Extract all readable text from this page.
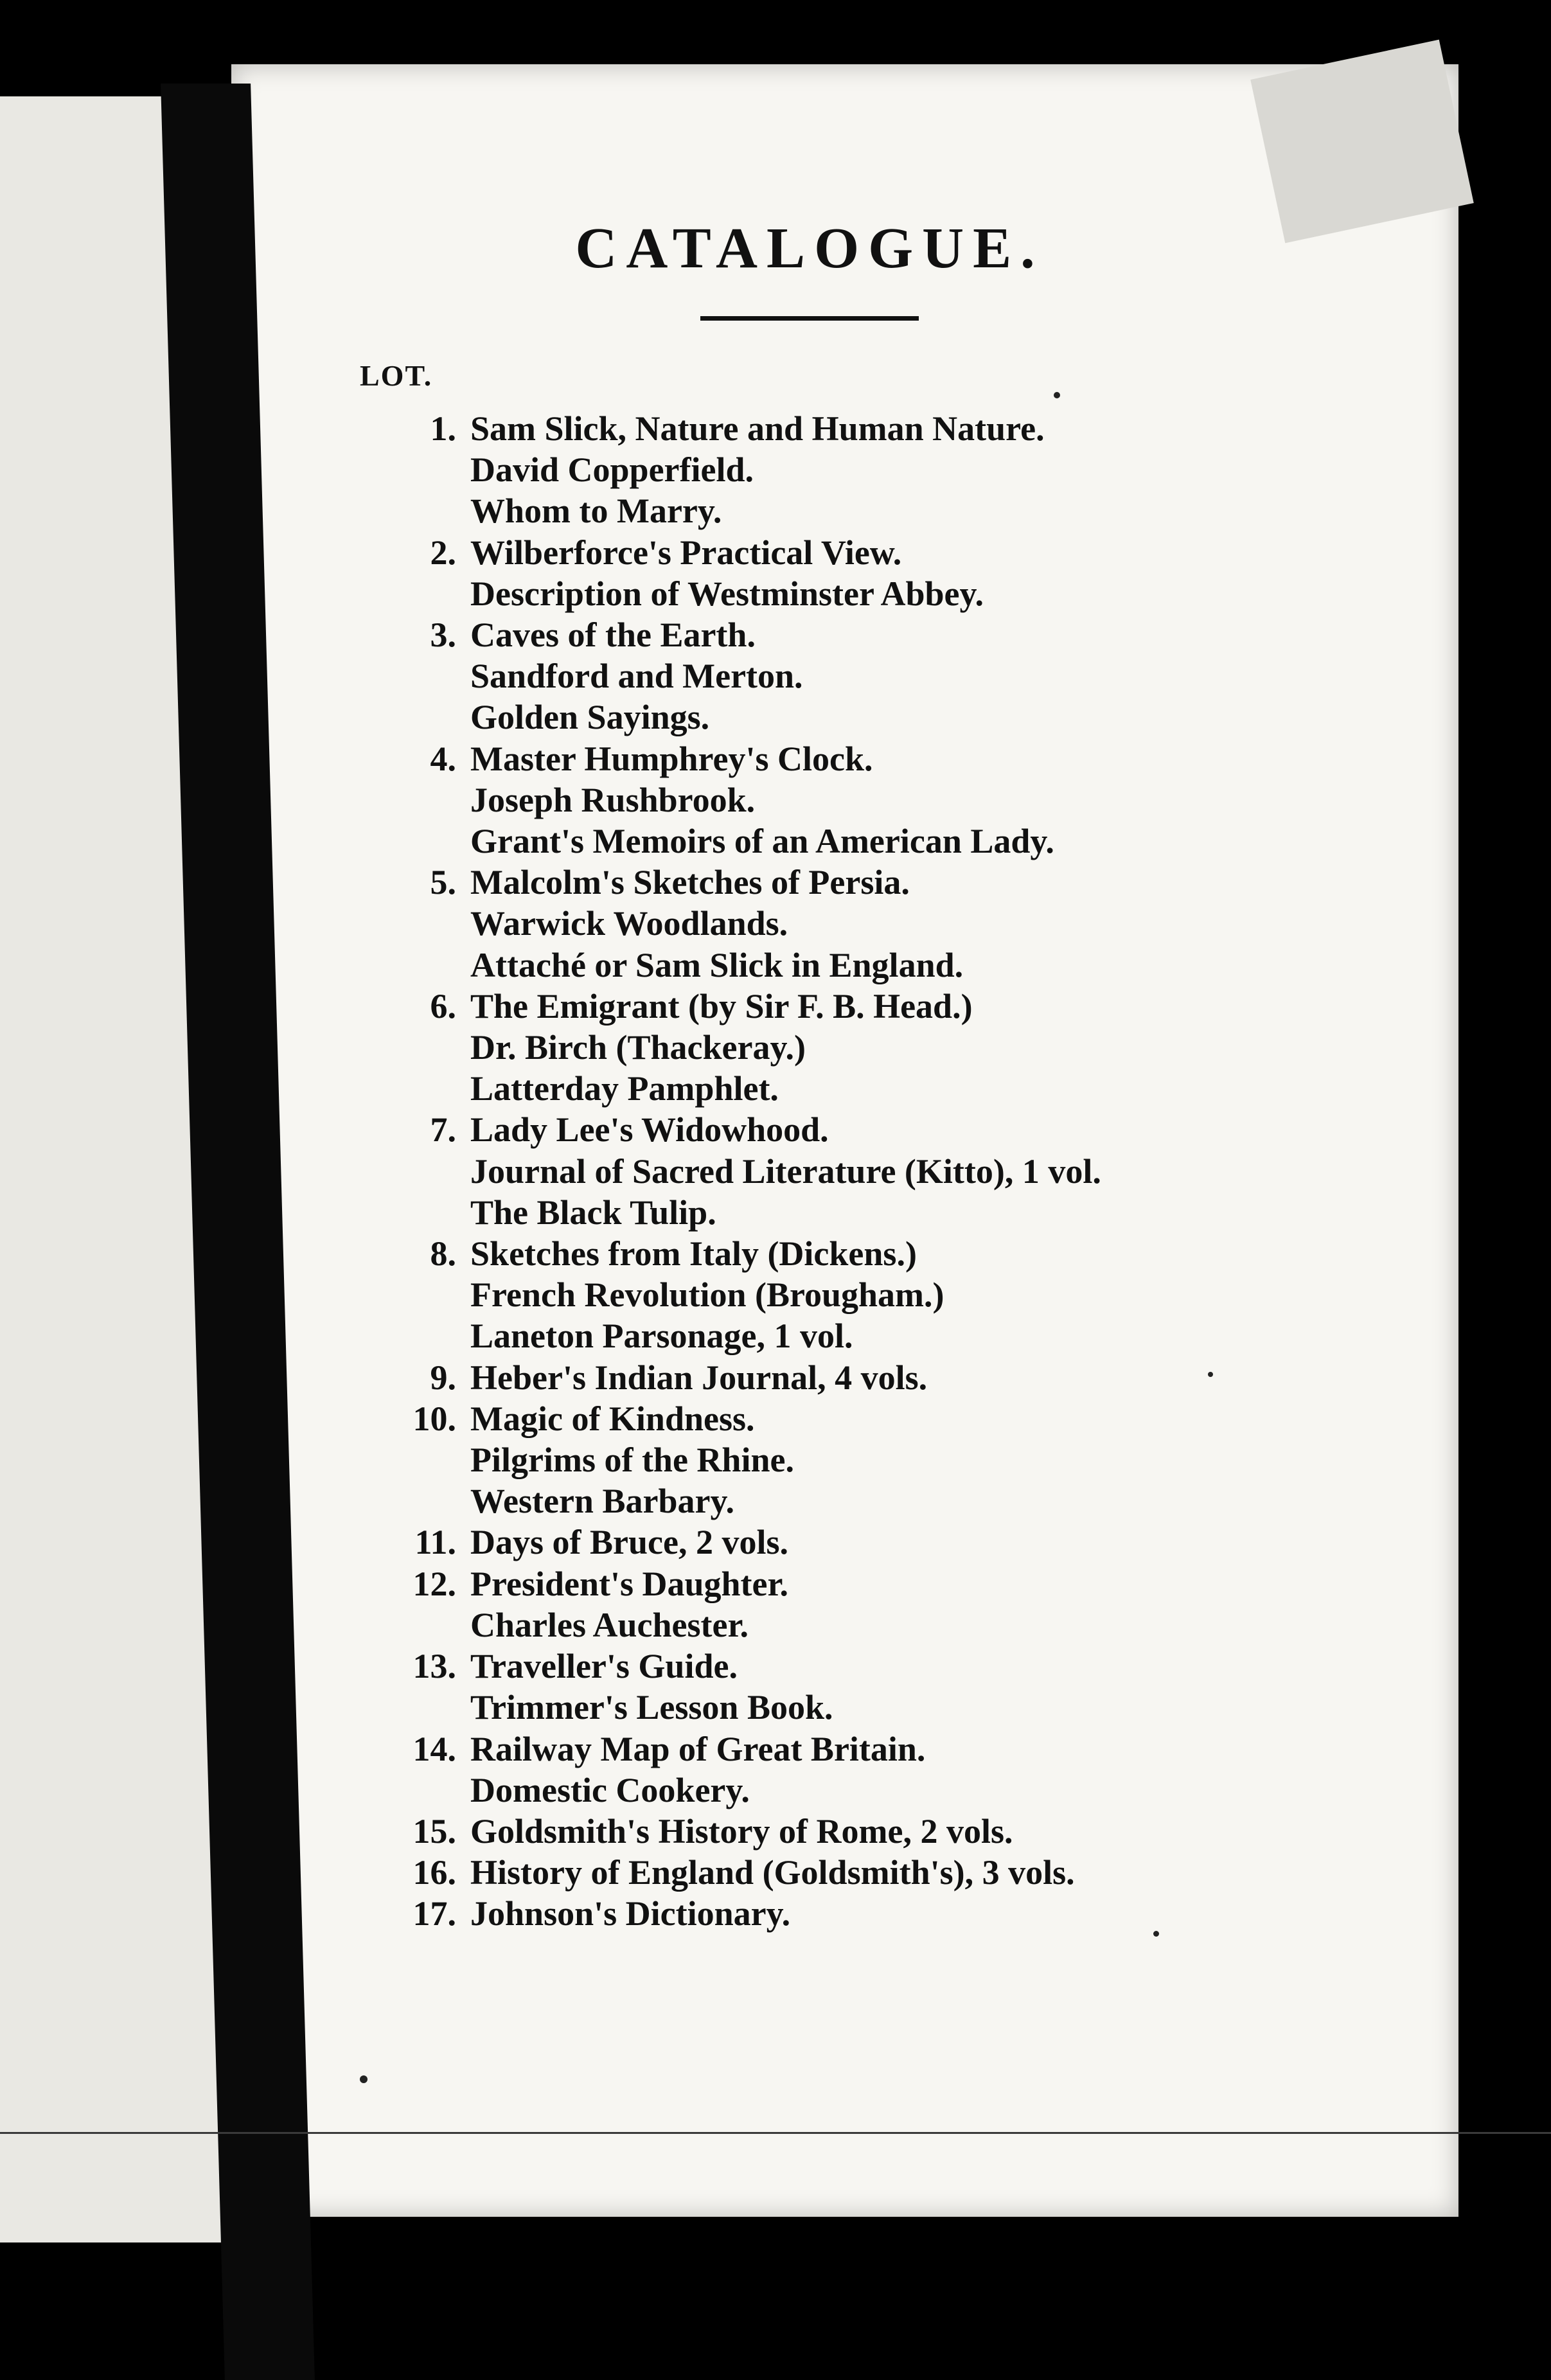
CATALOGUE.
LOT.
1. Sam Slick, Nature and Human Nature.
David Copperfield.
Whom to Marry.
2. Wilberforce's Practical View.
Description of Westminster Abbey.
3. Caves of the Earth.
Sandford and Merton.
Golden Sayings.
4. Master Humphrey's Clock.
Joseph Rushbrook.
Grant's Memoirs of an American Lady.
5. Malcolm's Sketches of Persia.
Warwick Woodlands.
Attaché or Sam Slick in England.
6. The Emigrant (by Sir F. B. Head.)
Dr. Birch (Thackeray.)
Latterday Pamphlet.
7. Lady Lee's Widowhood.
Journal of Sacred Literature (Kitto), 1 vol.
The Black Tulip.
8. Sketches from Italy (Dickens.)
French Revolution (Brougham.)
Laneton Parsonage, 1 vol.
9. Heber's Indian Journal, 4 vols.
10. Magic of Kindness.
Pilgrims of the Rhine.
Western Barbary.
11. Days of Bruce, 2 vols.
12. President's Daughter.
Charles Auchester.
13. Traveller's Guide.
Trimmer's Lesson Book.
14. Railway Map of Great Britain.
Domestic Cookery.
15. Goldsmith's History of Rome, 2 vols.
16. History of England (Goldsmith's), 3 vols.
17. Johnson's Dictionary.
